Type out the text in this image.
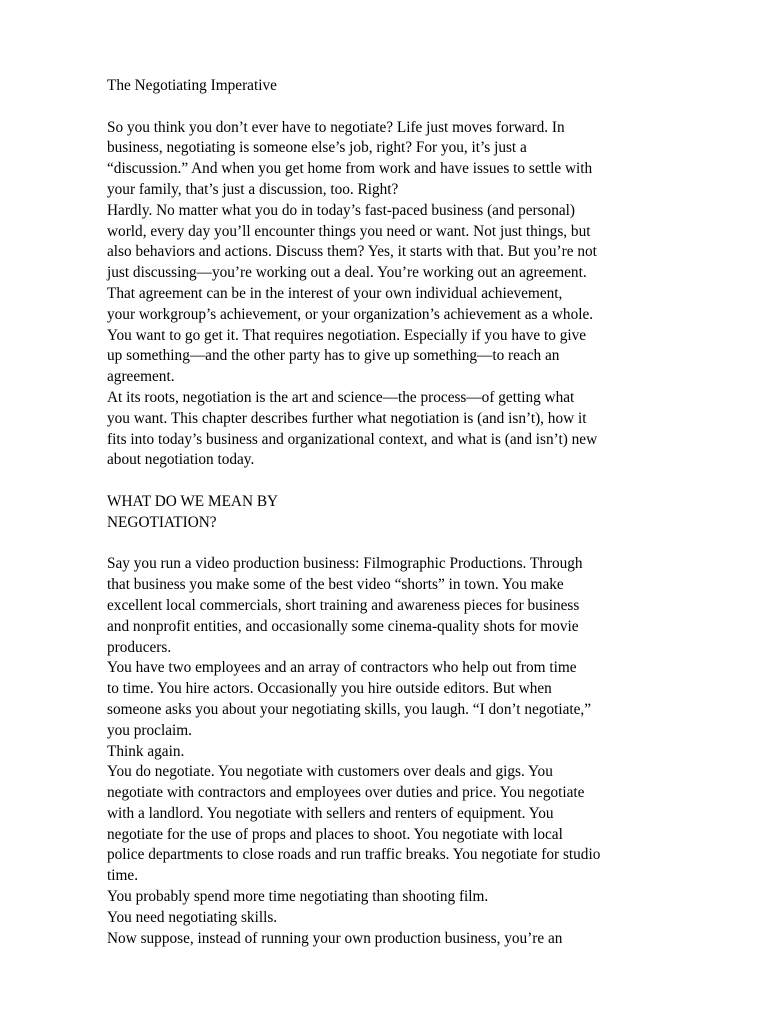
The Negotiating Imperative
So you think you don’t ever have to negotiate? Life just moves forward. In
business, negotiating is someone else’s job, right? For you, it’s just a
“discussion.” And when you get home from work and have issues to settle with
your family, that’s just a discussion, too. Right?
Hardly. No matter what you do in today’s fast-paced business (and personal)
world, every day you’ll encounter things you need or want. Not just things, but
also behaviors and actions. Discuss them? Yes, it starts with that. But you’re not
just discussing—you’re working out a deal. You’re working out an agreement.
That agreement can be in the interest of your own individual achievement,
your workgroup’s achievement, or your organization’s achievement as a whole.
You want to go get it. That requires negotiation. Especially if you have to give
up something—and the other party has to give up something—to reach an
agreement.
At its roots, negotiation is the art and science—the process—of getting what
you want. This chapter describes further what negotiation is (and isn’t), how it
fits into today’s business and organizational context, and what is (and isn’t) new
about negotiation today.
WHAT DO WE MEAN BY
NEGOTIATION?
Say you run a video production business: Filmographic Productions. Through
that business you make some of the best video “shorts” in town. You make
excellent local commercials, short training and awareness pieces for business
and nonprofit entities, and occasionally some cinema-quality shots for movie
producers.
You have two employees and an array of contractors who help out from time
to time. You hire actors. Occasionally you hire outside editors. But when
someone asks you about your negotiating skills, you laugh. “I don’t negotiate,”
you proclaim.
Think again.
You do negotiate. You negotiate with customers over deals and gigs. You
negotiate with contractors and employees over duties and price. You negotiate
with a landlord. You negotiate with sellers and renters of equipment. You
negotiate for the use of props and places to shoot. You negotiate with local
police departments to close roads and run traffic breaks. You negotiate for studio
time.
You probably spend more time negotiating than shooting film.
You need negotiating skills.
Now suppose, instead of running your own production business, you’re an
